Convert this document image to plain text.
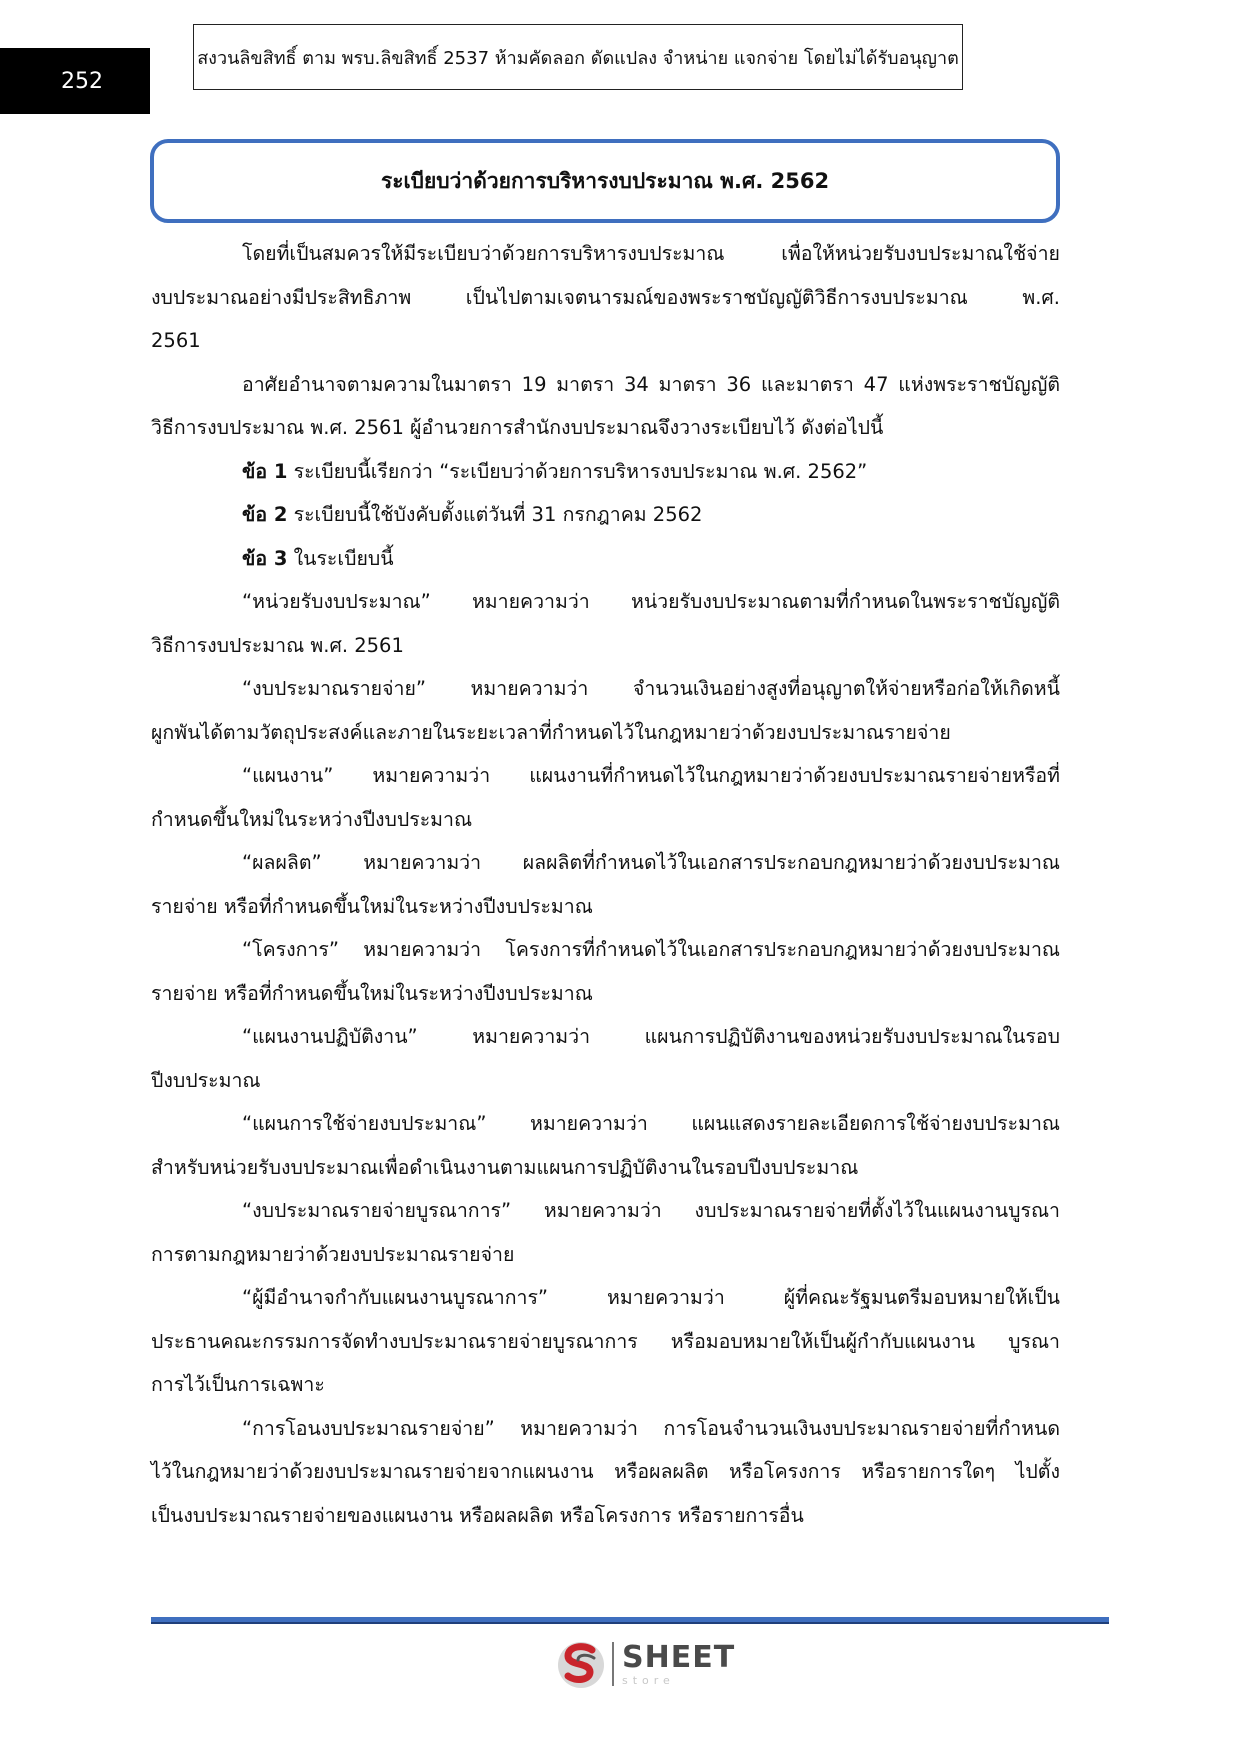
252
สงวนลิขสิทธิ์ ตาม พรบ.ลิขสิทธิ์ 2537 ห้ามคัดลอก ดัดแปลง จำหน่าย แจกจ่าย โดยไม่ได้รับอนุญาต
ระเบียบว่าด้วยการบริหารงบประมาณ พ.ศ. 2562

โดยที่เป็นสมควรให้มีระเบียบว่าด้วยการบริหารงบประมาณ เพื่อให้หน่วยรับงบประมาณใช้จ่าย

งบประมาณอย่างมีประสิทธิภาพ เป็นไปตามเจตนารมณ์ของพระราชบัญญัติวิธีการงบประมาณ พ.ศ.

2561

อาศัยอำนาจตามความในมาตรา 19 มาตรา 34 มาตรา 36 และมาตรา 47 แห่งพระราชบัญญัติ

วิธีการงบประมาณ พ.ศ. 2561 ผู้อำนวยการสำนักงบประมาณจึงวางระเบียบไว้ ดังต่อไปนี้

ข้อ 1 ระเบียบนี้เรียกว่า “ระเบียบว่าด้วยการบริหารงบประมาณ พ.ศ. 2562”

ข้อ 2 ระเบียบนี้ใช้บังคับตั้งแต่วันที่ 31 กรกฎาคม 2562

ข้อ 3 ในระเบียบนี้

“หน่วยรับงบประมาณ” หมายความว่า หน่วยรับงบประมาณตามที่กำหนดในพระราชบัญญัติ

วิธีการงบประมาณ พ.ศ. 2561

“งบประมาณรายจ่าย” หมายความว่า จำนวนเงินอย่างสูงที่อนุญาตให้จ่ายหรือก่อให้เกิดหนี้

ผูกพันได้ตามวัตถุประสงค์และภายในระยะเวลาที่กำหนดไว้ในกฎหมายว่าด้วยงบประมาณรายจ่าย

“แผนงาน” หมายความว่า แผนงานที่กำหนดไว้ในกฎหมายว่าด้วยงบประมาณรายจ่ายหรือที่

กำหนดขึ้นใหม่ในระหว่างปีงบประมาณ

“ผลผลิต” หมายความว่า ผลผลิตที่กำหนดไว้ในเอกสารประกอบกฎหมายว่าด้วยงบประมาณ

รายจ่าย หรือที่กำหนดขึ้นใหม่ในระหว่างปีงบประมาณ

“โครงการ” หมายความว่า โครงการที่กำหนดไว้ในเอกสารประกอบกฎหมายว่าด้วยงบประมาณ

รายจ่าย หรือที่กำหนดขึ้นใหม่ในระหว่างปีงบประมาณ

“แผนงานปฏิบัติงาน” หมายความว่า แผนการปฏิบัติงานของหน่วยรับงบประมาณในรอบ

ปีงบประมาณ

“แผนการใช้จ่ายงบประมาณ” หมายความว่า แผนแสดงรายละเอียดการใช้จ่ายงบประมาณ

สำหรับหน่วยรับงบประมาณเพื่อดำเนินงานตามแผนการปฏิบัติงานในรอบปีงบประมาณ

“งบประมาณรายจ่ายบูรณาการ” หมายความว่า งบประมาณรายจ่ายที่ตั้งไว้ในแผนงานบูรณา

การตามกฎหมายว่าด้วยงบประมาณรายจ่าย

“ผู้มีอำนาจกำกับแผนงานบูรณาการ” หมายความว่า ผู้ที่คณะรัฐมนตรีมอบหมายให้เป็น

ประธานคณะกรรมการจัดทำงบประมาณรายจ่ายบูรณาการ หรือมอบหมายให้เป็นผู้กำกับแผนงาน บูรณา

การไว้เป็นการเฉพาะ

“การโอนงบประมาณรายจ่าย” หมายความว่า การโอนจำนวนเงินงบประมาณรายจ่ายที่กำหนด

ไว้ในกฎหมายว่าด้วยงบประมาณรายจ่ายจากแผนงาน หรือผลผลิต หรือโครงการ หรือรายการใดๆ ไปตั้ง

เป็นงบประมาณรายจ่ายของแผนงาน หรือผลผลิต หรือโครงการ หรือรายการอื่น

SHEET
store
